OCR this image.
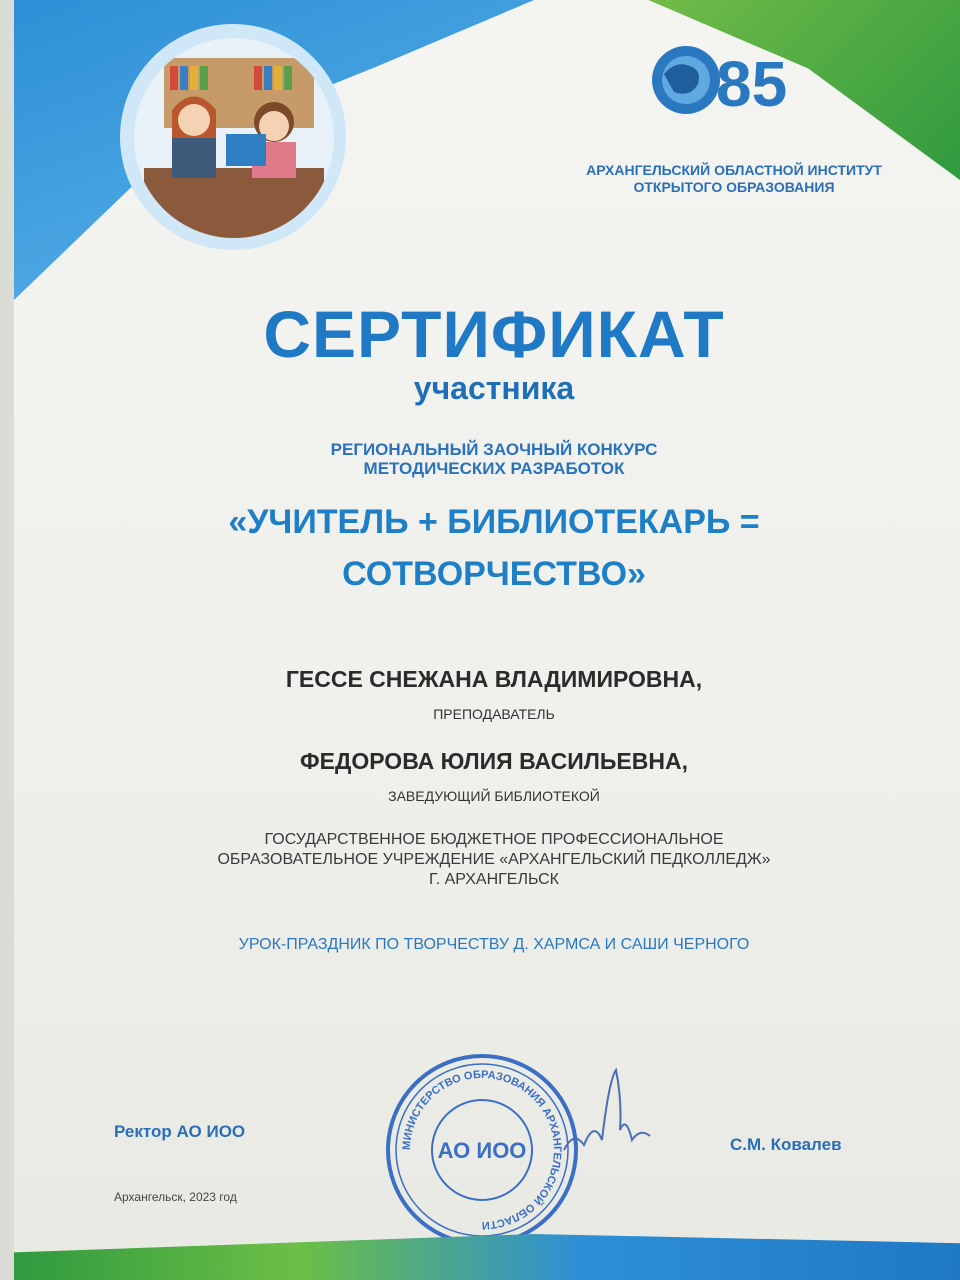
85
АРХАНГЕЛЬСКИЙ ОБЛАСТНОЙ ИНСТИТУТ
ОТКРЫТОГО ОБРАЗОВАНИЯ
СЕРТИФИКАТ
участника
РЕГИОНАЛЬНЫЙ ЗАОЧНЫЙ КОНКУРС
МЕТОДИЧЕСКИХ РАЗРАБОТОК
«УЧИТЕЛЬ + БИБЛИОТЕКАРЬ =
СОТВОРЧЕСТВО»
ГЕССЕ СНЕЖАНА ВЛАДИМИРОВНА,
ПРЕПОДАВАТЕЛЬ
ФЕДОРОВА ЮЛИЯ ВАСИЛЬЕВНА,
ЗАВЕДУЮЩИЙ БИБЛИОТЕКОЙ
ГОСУДАРСТВЕННОЕ БЮДЖЕТНОЕ ПРОФЕССИОНАЛЬНОЕ
ОБРАЗОВАТЕЛЬНОЕ УЧРЕЖДЕНИЕ «АРХАНГЕЛЬСКИЙ ПЕДКОЛЛЕДЖ»
Г. АРХАНГЕЛЬСК
УРОК-ПРАЗДНИК ПО ТВОРЧЕСТВУ Д. ХАРМСА И САШИ ЧЕРНОГО
Ректор АО ИОО
С.М. Ковалев
Архангельск, 2023 год
МИНИСТЕРСТВО ОБРАЗОВАНИЯ АРХАНГЕЛЬСКОЙ ОБЛАСТИ
АО ИОО
